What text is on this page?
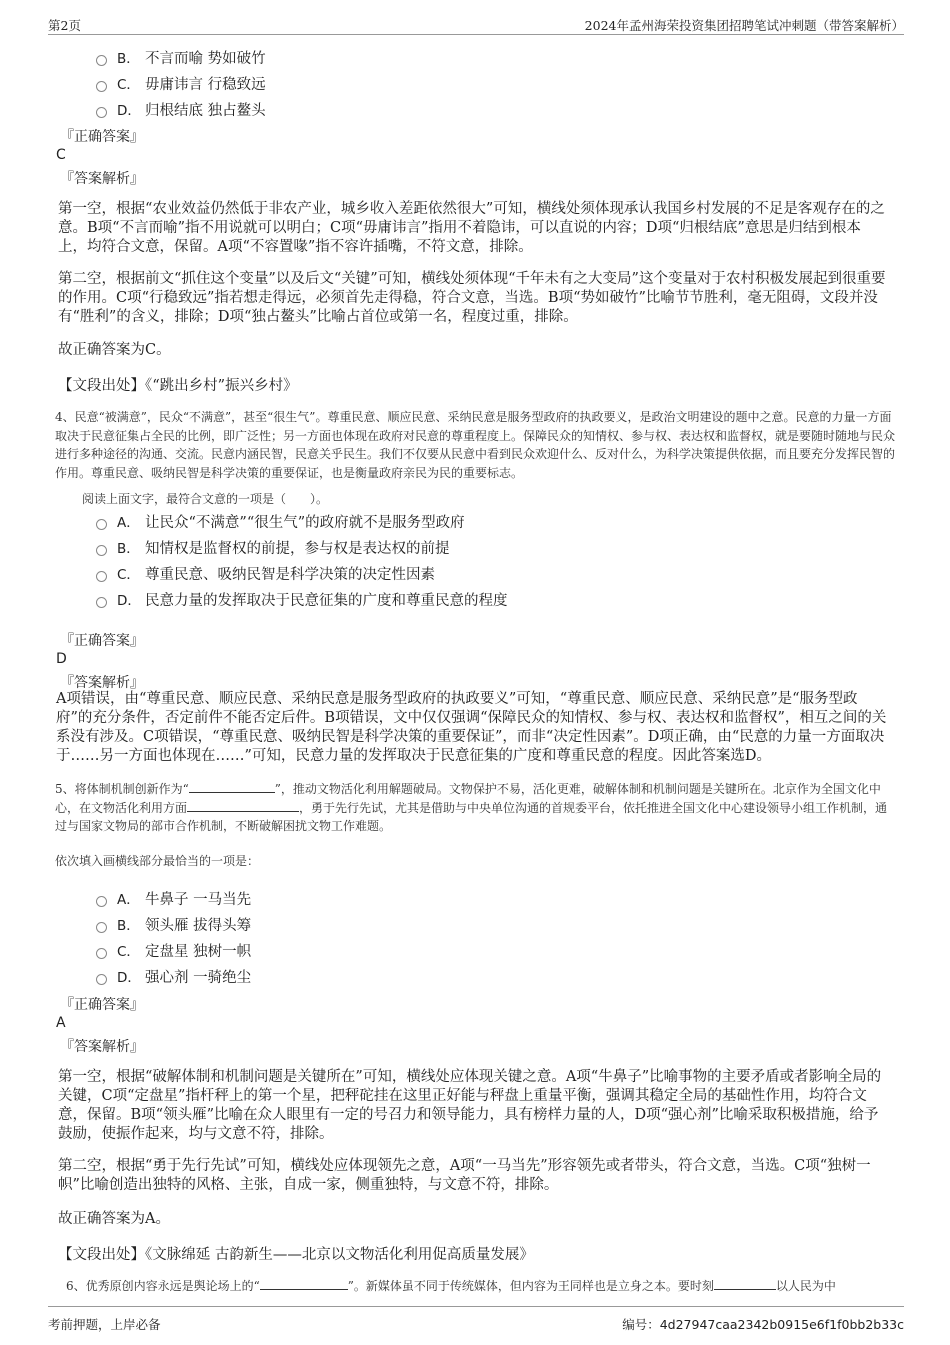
第2页	2024年孟州海荣投资集团招聘笔试冲刺题（带答案解析）
B． 不言而喻 势如破竹
C． 毋庸讳言 行稳致远
D． 归根结底 独占鳌头
『正确答案』
C
『答案解析』
第一空，根据“农业效益仍然低于非农产业，城乡收入差距依然很大”可知，横线处须体现承认我国乡村发展的不足是客观存在的之意。B项“不言而喻”指不用说就可以明白；C项“毋庸讳言”指用不着隐讳，可以直说的内容；D项“归根结底”意思是归结到根本上，均符合文意，保留。A项“不容置喙”指不容许插嘴，不符文意，排除。
第二空，根据前文“抓住这个变量”以及后文“关键”可知，横线处须体现“千年未有之大变局”这个变量对于农村积极发展起到很重要的作用。C项“行稳致远”指若想走得远，必须首先走得稳，符合文意，当选。B项“势如破竹”比喻节节胜利，毫无阻碍，文段并没有“胜利”的含义，排除；D项“独占鳌头”比喻占首位或第一名，程度过重，排除。
故正确答案为C。
【文段出处】《“跳出乡村”振兴乡村》
4、民意“被满意”，民众“不满意”，甚至“很生气”。尊重民意、顺应民意、采纳民意是服务型政府的执政要义，是政治文明建设的题中之意。民意的力量一方面取决于民意征集占全民的比例，即广泛性；另一方面也体现在政府对民意的尊重程度上。保障民众的知情权、参与权、表达权和监督权，就是要随时随地与民众进行多种途径的沟通、交流。民意内涵民智，民意关乎民生。我们不仅要从民意中看到民众欢迎什么、反对什么，为科学决策提供依据，而且要充分发挥民智的作用。尊重民意、吸纳民智是科学决策的重要保证，也是衡量政府亲民为民的重要标志。
阅读上面文字，最符合文意的一项是（　　）。
A． 让民众“不满意”“很生气”的政府就不是服务型政府
B． 知情权是监督权的前提，参与权是表达权的前提
C． 尊重民意、吸纳民智是科学决策的决定性因素
D． 民意力量的发挥取决于民意征集的广度和尊重民意的程度
『正确答案』
D
『答案解析』
A项错误，由“尊重民意、顺应民意、采纳民意是服务型政府的执政要义”可知，“尊重民意、顺应民意、采纳民意”是“服务型政府”的充分条件，否定前件不能否定后件。B项错误，文中仅仅强调“保障民众的知情权、参与权、表达权和监督权”，相互之间的关系没有涉及。C项错误，“尊重民意、吸纳民智是科学决策的重要保证”，而非“决定性因素”。D项正确，由“民意的力量一方面取决于……另一方面也体现在……”可知，民意力量的发挥取决于民意征集的广度和尊重民意的程度。因此答案选D。
5、将体制机制创新作为“	”，推动文物活化利用解题破局。文物保护不易，活化更难，破解体制和机制问题是关键所在。北京作为全国文化中心，在文物活化利用方面	，勇于先行先试，尤其是借助与中央单位沟通的首规委平台，依托推进全国文化中心建设领导小组工作机制，通过与国家文物局的部市合作机制，不断破解困扰文物工作难题。
依次填入画横线部分最恰当的一项是：
A． 牛鼻子 一马当先
B． 领头雁 拔得头筹
C． 定盘星 独树一帜
D． 强心剂 一骑绝尘
『正确答案』
A
『答案解析』
第一空，根据“破解体制和机制问题是关键所在”可知，横线处应体现关键之意。A项“牛鼻子”比喻事物的主要矛盾或者影响全局的关键，C项“定盘星”指杆秤上的第一个星，把秤砣挂在这里正好能与秤盘上重量平衡，强调其稳定全局的基础性作用，均符合文意，保留。B项“领头雁”比喻在众人眼里有一定的号召力和领导能力，具有榜样力量的人，D项“强心剂”比喻采取积极措施，给予鼓励，使振作起来，均与文意不符，排除。
第二空，根据“勇于先行先试”可知，横线处应体现领先之意，A项“一马当先”形容领先或者带头，符合文意，当选。C项“独树一帜”比喻创造出独特的风格、主张，自成一家，侧重独特，与文意不符，排除。
故正确答案为A。
【文段出处】《文脉绵延 古韵新生——北京以文物活化利用促高质量发展》
6、优秀原创内容永远是舆论场上的“	”。新媒体虽不同于传统媒体，但内容为王同样也是立身之本。要时刻	以人民为中
考前押题，上岸必备	编号：4d27947caa2342b0915e6f1f0bb2b33c
